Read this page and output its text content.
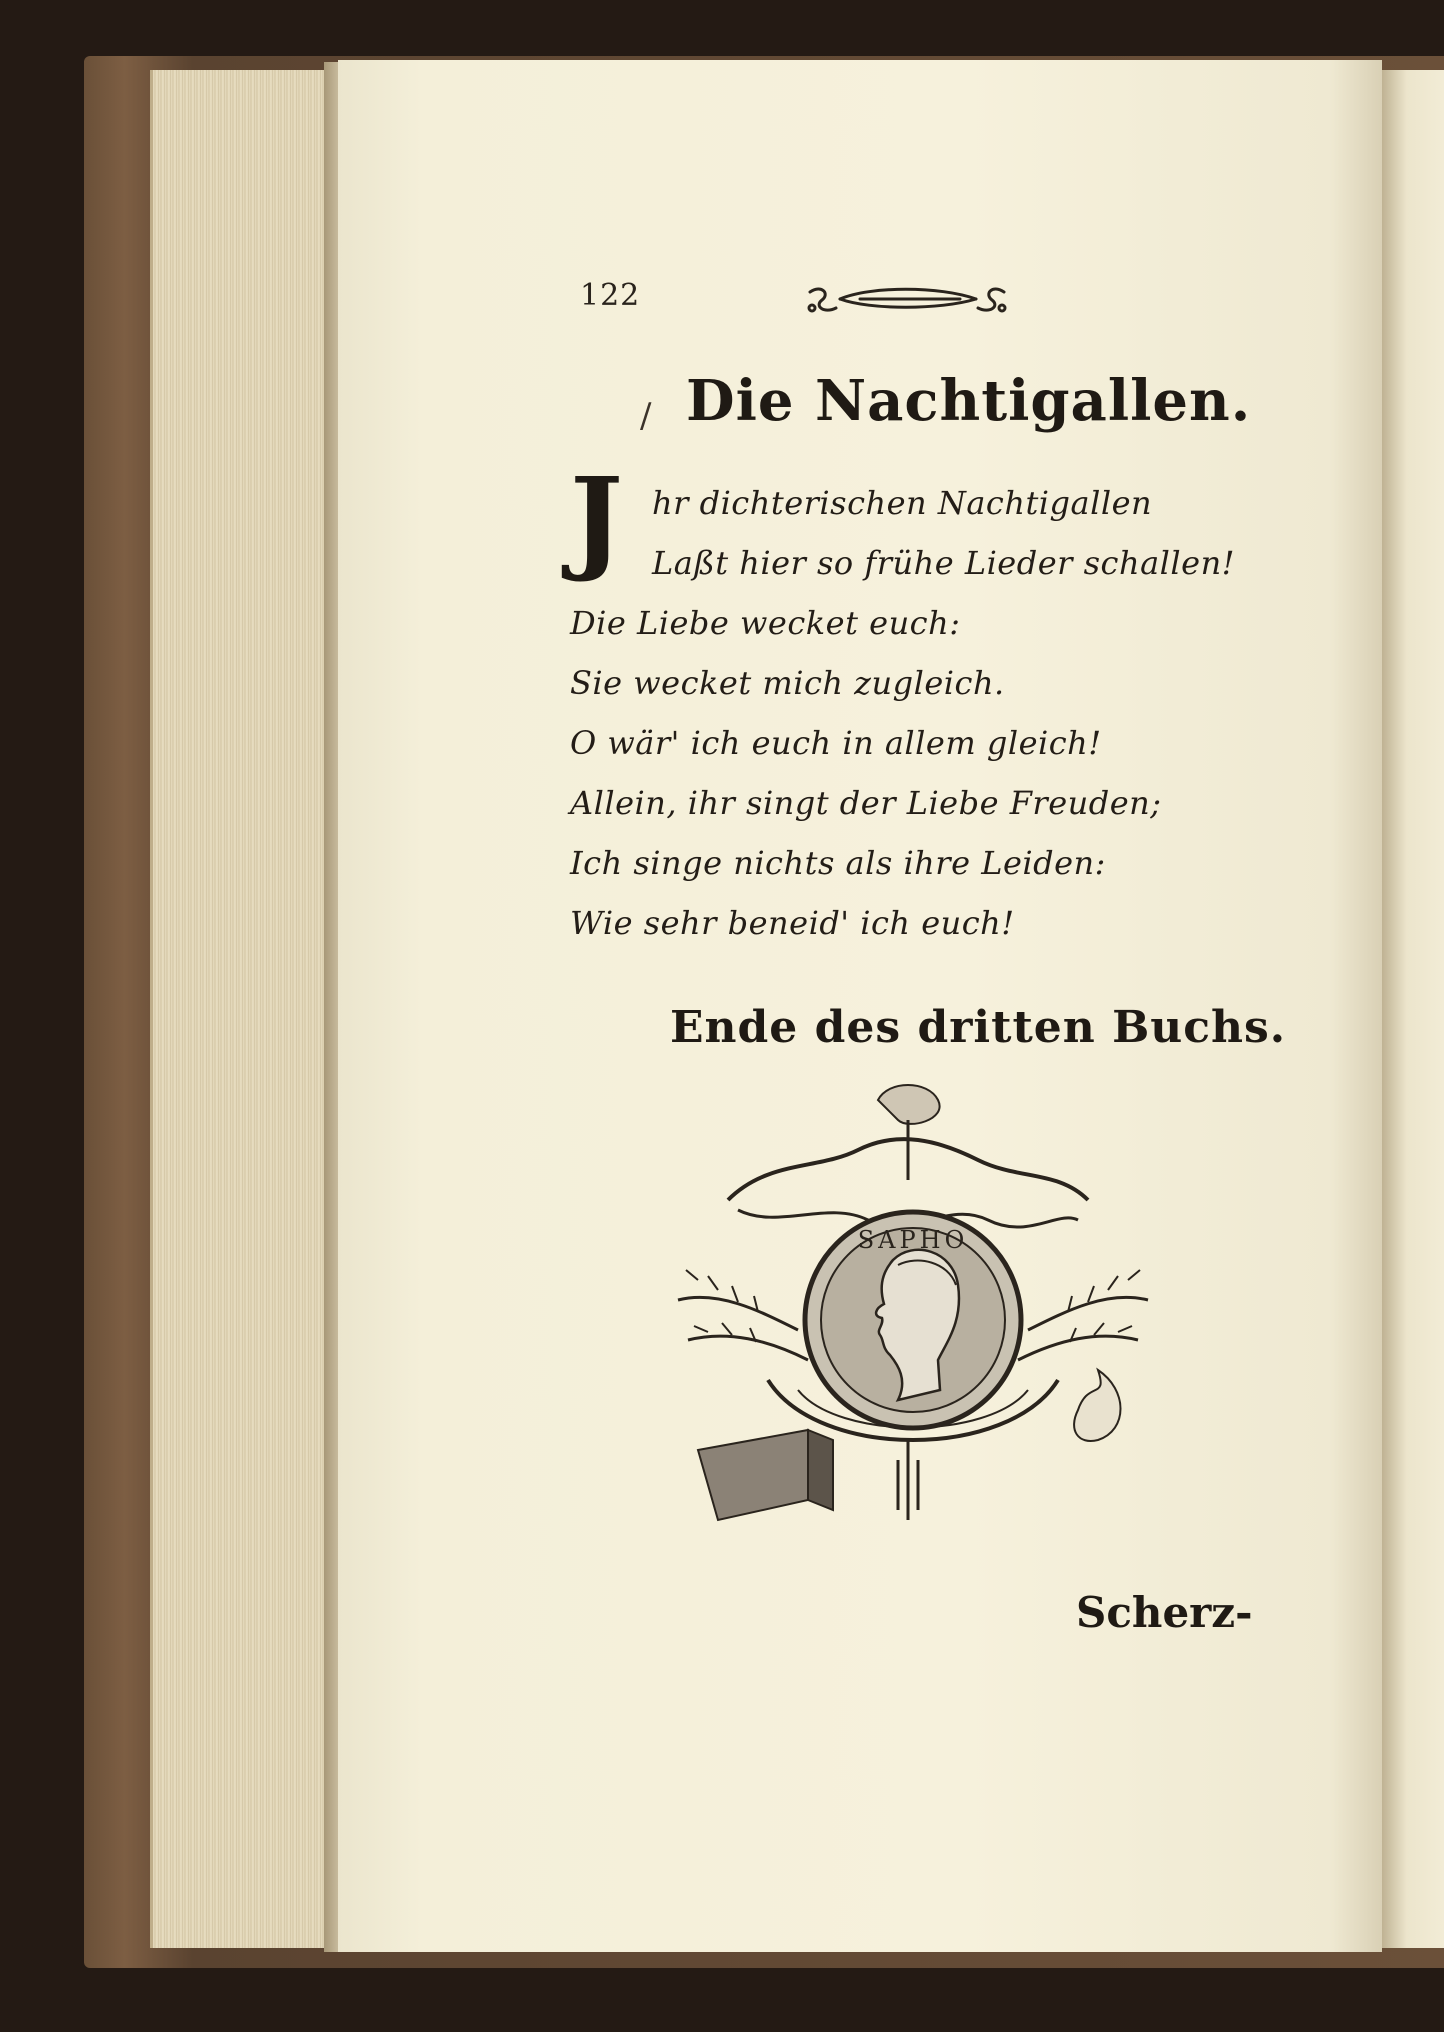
122
/ Die Nachtigallen.
J hr dichterischen Nachtigallen
Laßt hier so frühe Lieder schallen!
Die Liebe wecket euch:
Sie wecket mich zugleich.
O wär' ich euch in allem gleich!
Allein, ihr singt der Liebe Freuden;
Ich singe nichts als ihre Leiden:
Wie sehr beneid' ich euch!
Ende des dritten Buchs.
SAPHO
Scherz-
